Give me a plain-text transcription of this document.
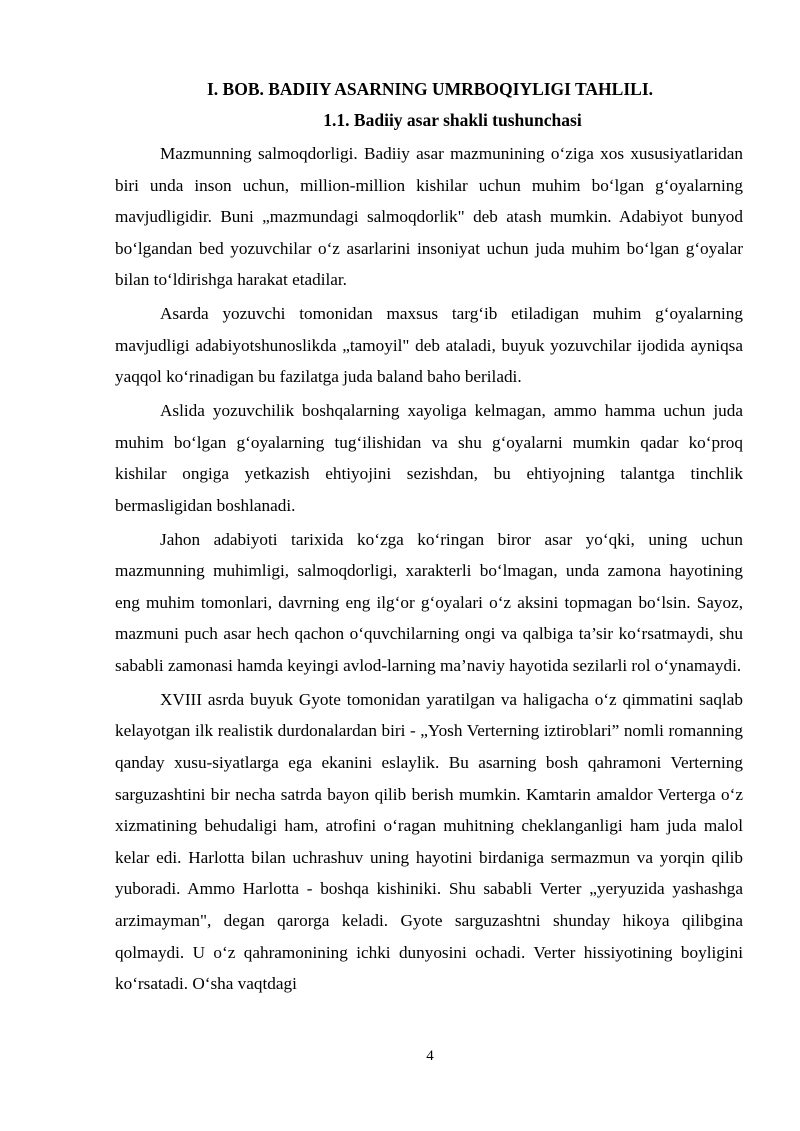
I. BOB. BADIIY ASARNING UMRBOQIYLIGI TAHLILI.
1.1. Badiiy asar shakli tushunchasi

Mazmunning salmoqdorligi. Badiiy asar mazmunining o‘ziga xos xususiyatlaridan biri unda inson uchun, million-million kishilar uchun muhim bo‘lgan g‘oyalarning mavjudligidir. Buni „mazmundagi salmoqdorlik" deb atash mumkin. Adabiyot bunyod bo‘lgandan bed yozuvchilar o‘z asarlarini insoniyat uchun juda muhim bo‘lgan g‘oyalar bilan to‘ldirishga harakat etadilar.

Asarda yozuvchi tomonidan maxsus targ‘ib etiladigan muhim g‘oyalarning mavjudligi adabiyotshunoslikda „tamoyil" deb ataladi, buyuk yozuvchilar ijodida ayniqsa yaqqol ko‘rinadigan bu fazilatga juda baland baho beriladi.

Aslida yozuvchilik boshqalarning xayoliga kelmagan, ammo hamma uchun juda muhim bo‘lgan g‘oyalarning tug‘ilishidan va shu g‘oyalarni mumkin qadar ko‘proq kishilar ongiga yetkazish ehtiyojini sezishdan, bu ehtiyojning talantga tinchlik bermasligidan boshlanadi.

Jahon adabiyoti tarixida ko‘zga ko‘ringan biror asar yo‘qki, uning uchun mazmunning muhimligi, salmoqdorligi, xarakterli bo‘lmagan, unda zamona hayotining eng muhim tomonlari, davrning eng ilg‘or g‘oyalari o‘z aksini topmagan bo‘lsin. Sayoz, mazmuni puch asar hech qachon o‘quvchilarning ongi va qalbiga ta’sir ko‘rsatmaydi, shu sababli zamonasi hamda keyingi avlod-larning ma’naviy hayotida sezilarli rol o‘ynamaydi.

XVIII asrda buyuk Gyote tomonidan yaratilgan va haligacha o‘z qimmatini saqlab kelayotgan ilk realistik durdonalardan biri - „Yosh Verterning iztiroblari” nomli romanning qanday xusu-siyatlarga ega ekanini eslaylik. Bu asarning bosh qahramoni Verterning sarguzashtini bir necha satrda bayon qilib berish mumkin. Kamtarin amaldor Verterga o‘z xizmatining behudaligi ham, atrofini o‘ragan muhitning cheklanganligi ham juda malol kelar edi. Harlotta bilan uchrashuv uning hayotini birdaniga sermazmun va yorqin qilib yuboradi. Ammo Harlotta - boshqa kishiniki. Shu sababli Verter „yeryuzida yashashga arzimayman", degan qarorga keladi. Gyote sarguzashtni shunday hikoya qilibgina qolmaydi. U o‘z qahramonining ichki dunyosini ochadi. Verter hissiyotining boyligini ko‘rsatadi. O‘sha vaqtdagi

4
